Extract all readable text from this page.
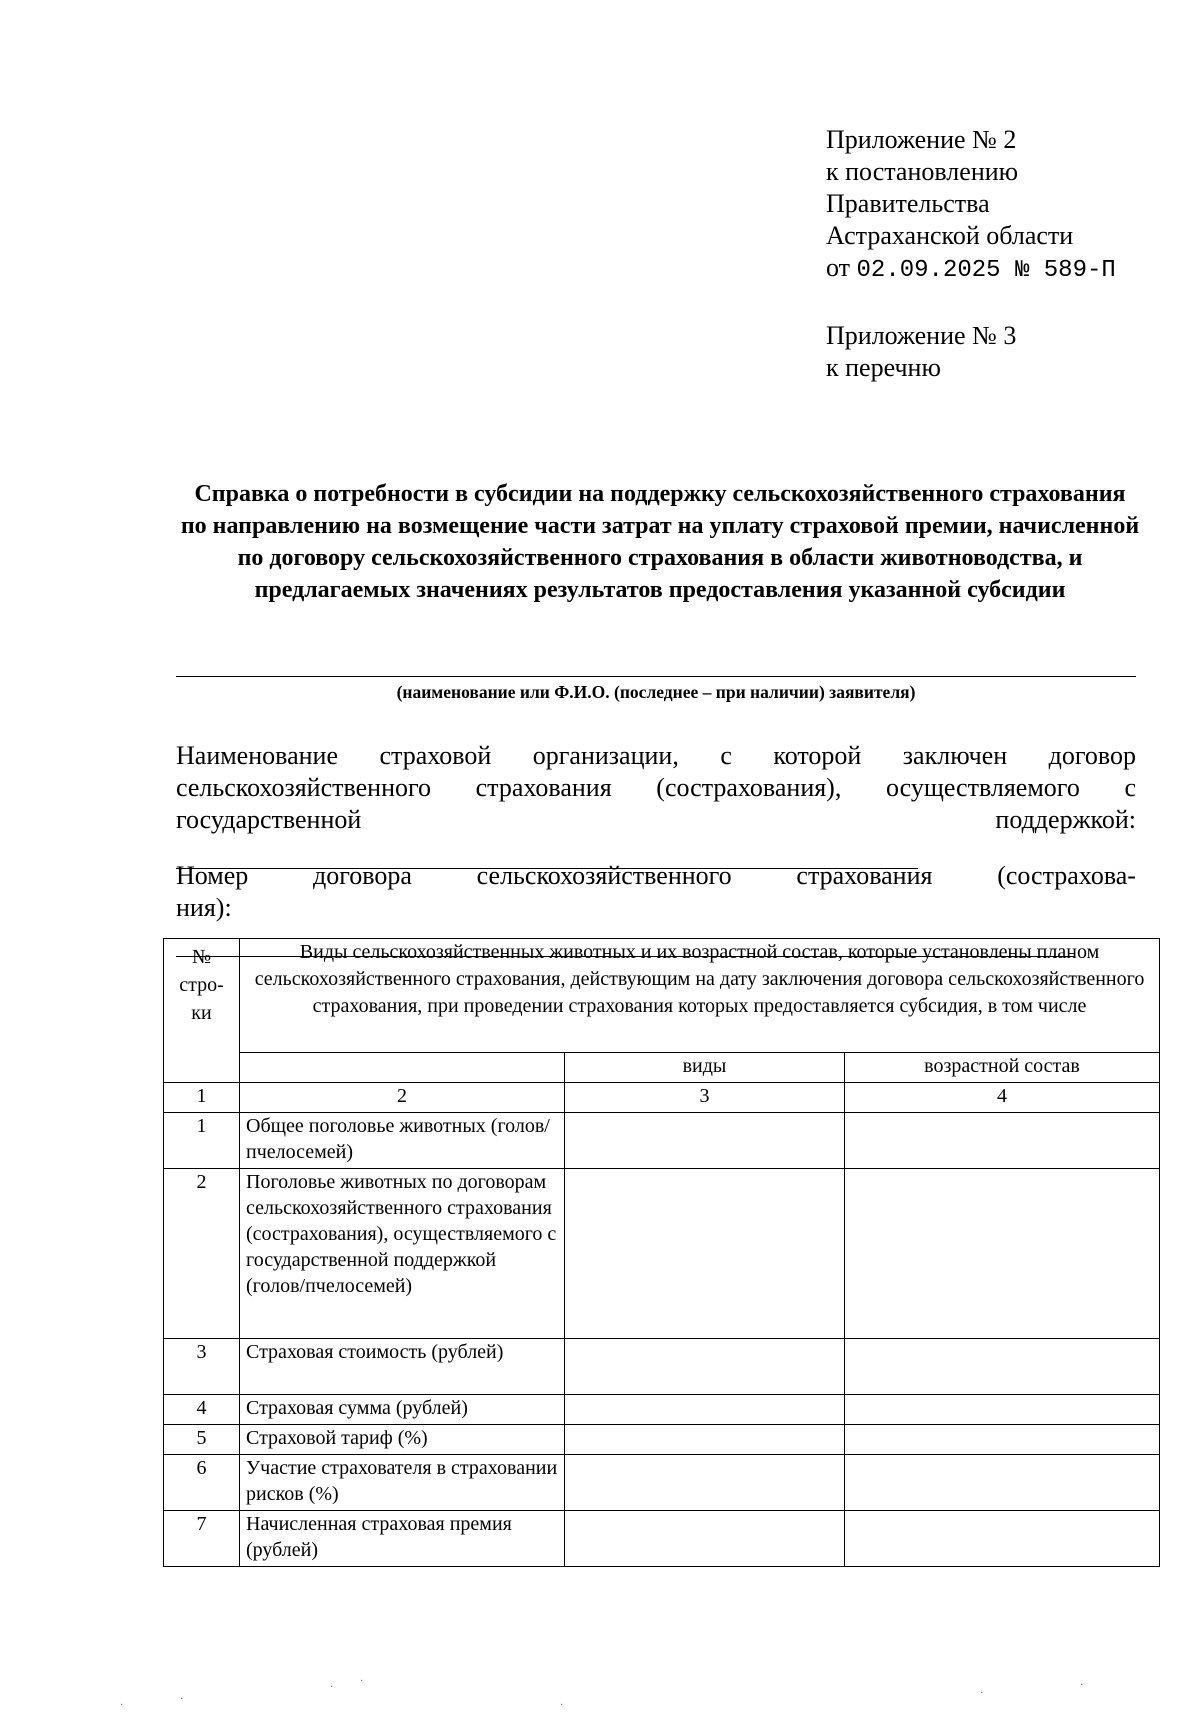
Приложение № 2
к постановлению
Правительства
Астраханской области
от 02.09.2025 № 589-П
Приложение № 3
к перечню
Справка о потребности в субсидии на поддержку сельскохозяйственного страхования по направлению на возмещение части затрат на уплату страховой премии, начисленной по договору сельскохозяйственного страхования в области животноводства, и предлагаемых значениях результатов предоставления указанной субсидии
(наименование или Ф.И.О. (последнее – при наличии) заявителя)
Наименование страховой организации, с которой заключен договор сельскохозяйственного страхования (сострахования), осуществляемого с государственной поддержкой:
Номер договора сельскохозяйственного страхования (сострахова-
ния):
№ стро- ки	Виды сельскохозяйственных животных и их возрастной состав, которые установлены планом сельскохозяйственного страхования, действующим на дату заключения договора сельскохозяйственного страхования, при проведении страхования которых предоставляется субсидия, в том числе		
		виды	возрастной состав
1	2	3	4
1	Общее поголовье животных (голов/пчелосемей)		
2	Поголовье животных по договорам сельскохозяйственного страхования (сострахования), осуществляемого с государственной поддержкой (голов/пчелосемей)		
3	Страховая стоимость (рублей)		
4	Страховая сумма (рублей)		
5	Страховой тариф (%)		
6	Участие страхователя в страховании рисков (%)		
7	Начисленная страховая премия (рублей)		
·
·
·
·
·
·
·
